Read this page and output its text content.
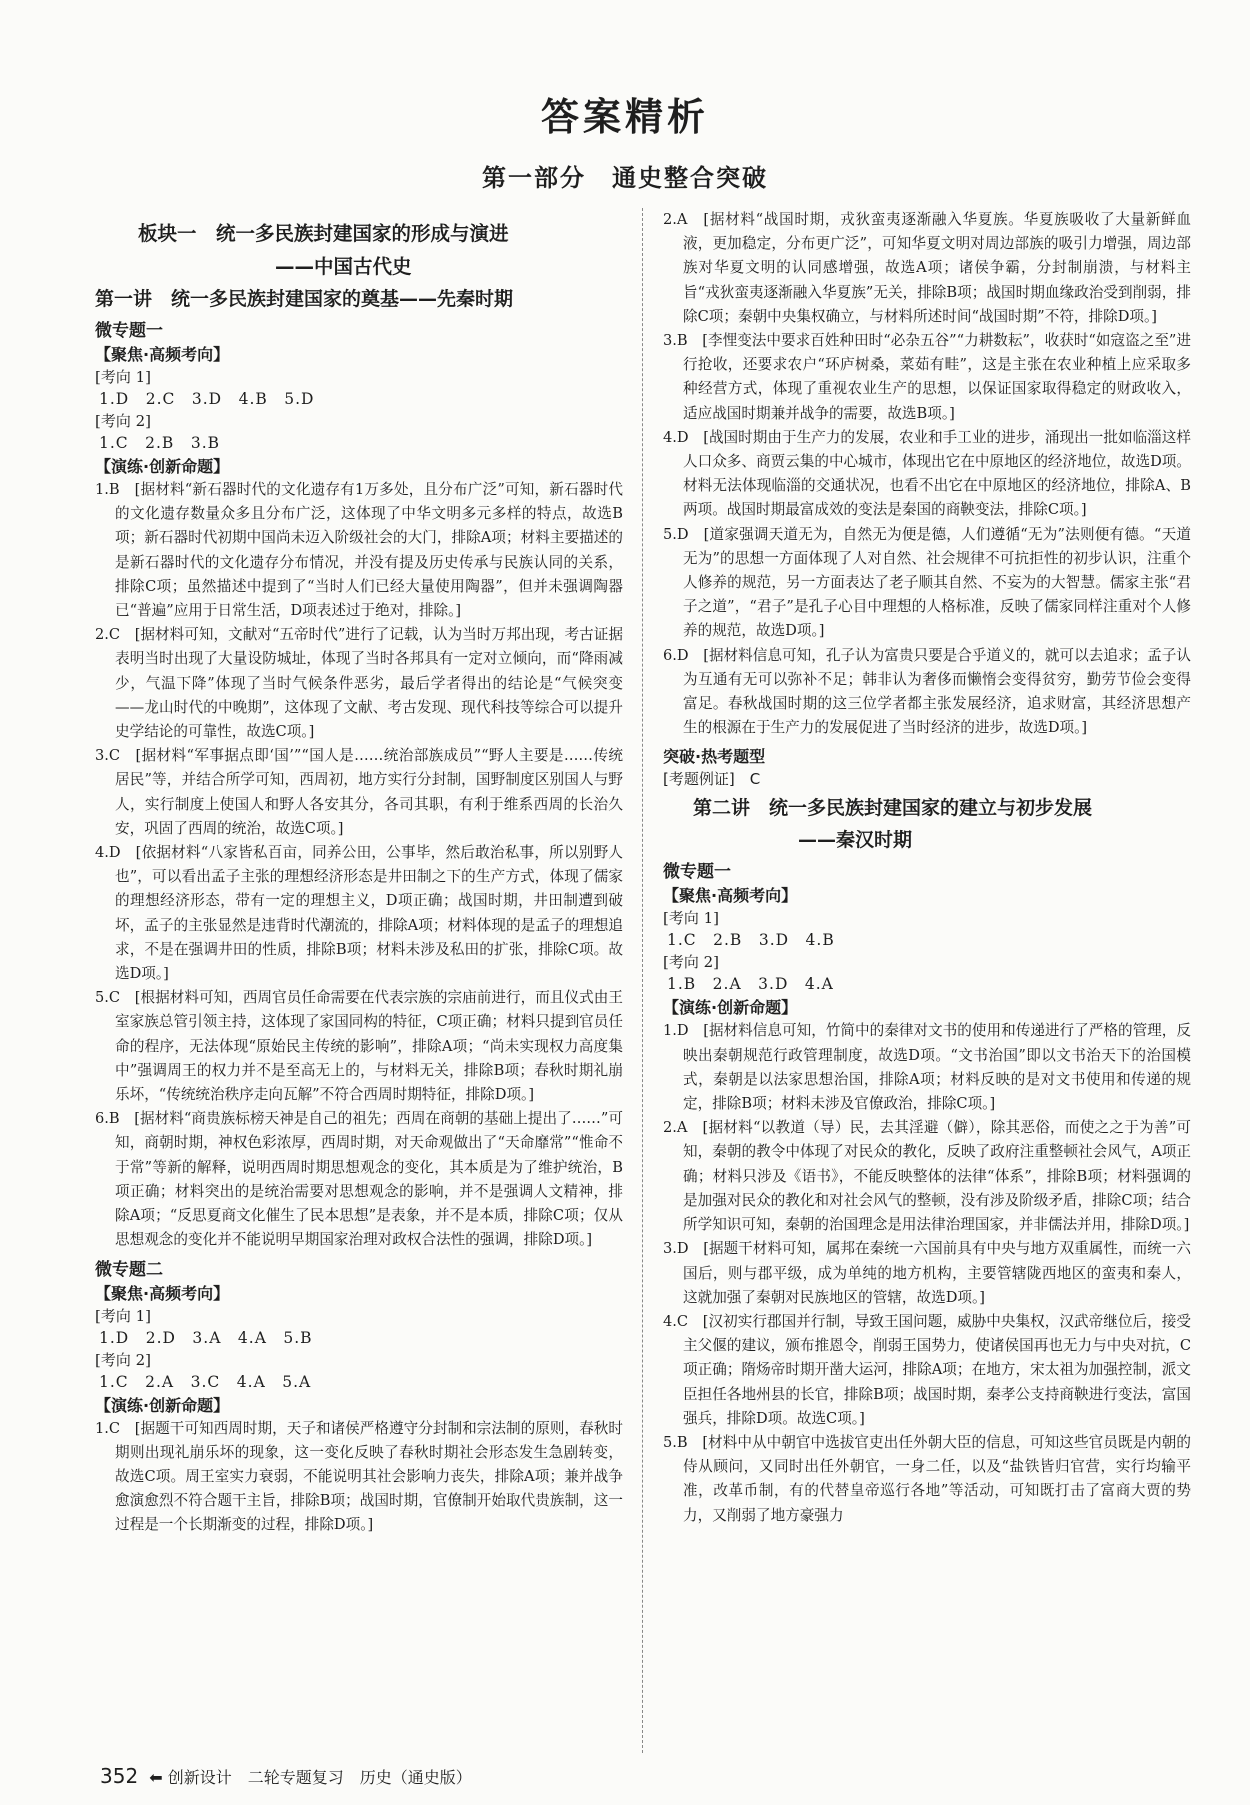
答案精析
第一部分　通史整合突破
板块一　统一多民族封建国家的形成与演进
——中国古代史
第一讲　统一多民族封建国家的奠基——先秦时期
微专题一
【聚焦·高频考向】
[考向 1]
1.D　2.C　3.D　4.B　5.D
[考向 2]
1.C　2.B　3.B
【演练·创新命题】

1.B　[据材料“新石器时代的文化遗存有1万多处，且分布广泛”可知，新石器时代的文化遗存数量众多且分布广泛，这体现了中华文明多元多样的特点，故选B项；新石器时代初期中国尚未迈入阶级社会的大门，排除A项；材料主要描述的是新石器时代的文化遗存分布情况，并没有提及历史传承与民族认同的关系，排除C项；虽然描述中提到了“当时人们已经大量使用陶器”，但并未强调陶器已“普遍”应用于日常生活，D项表述过于绝对，排除。]

2.C　[据材料可知，文献对“五帝时代”进行了记载，认为当时万邦出现，考古证据表明当时出现了大量设防城址，体现了当时各邦具有一定对立倾向，而“降雨减少，气温下降”体现了当时气候条件恶劣，最后学者得出的结论是“气候突变——龙山时代的中晚期”，这体现了文献、考古发现、现代科技等综合可以提升史学结论的可靠性，故选C项。]

3.C　[据材料“军事据点即‘国’”“国人是……统治部族成员”“野人主要是……传统居民”等，并结合所学可知，西周初，地方实行分封制，国野制度区别国人与野人，实行制度上使国人和野人各安其分，各司其职，有利于维系西周的长治久安，巩固了西周的统治，故选C项。]

4.D　[依据材料“八家皆私百亩，同养公田，公事毕，然后敢治私事，所以别野人也”，可以看出孟子主张的理想经济形态是井田制之下的生产方式，体现了儒家的理想经济形态，带有一定的理想主义，D项正确；战国时期，井田制遭到破坏，孟子的主张显然是违背时代潮流的，排除A项；材料体现的是孟子的理想追求，不是在强调井田的性质，排除B项；材料未涉及私田的扩张，排除C项。故选D项。]

5.C　[根据材料可知，西周官员任命需要在代表宗族的宗庙前进行，而且仪式由王室家族总管引领主持，这体现了家国同构的特征，C项正确；材料只提到官员任命的程序，无法体现“原始民主传统的影响”，排除A项；“尚未实现权力高度集中”强调周王的权力并不是至高无上的，与材料无关，排除B项；春秋时期礼崩乐坏，“传统统治秩序走向瓦解”不符合西周时期特征，排除D项。]

6.B　[据材料“商贵族标榜天神是自己的祖先；西周在商朝的基础上提出了……”可知，商朝时期，神权色彩浓厚，西周时期，对天命观做出了“天命靡常”“惟命不于常”等新的解释，说明西周时期思想观念的变化，其本质是为了维护统治，B项正确；材料突出的是统治需要对思想观念的影响，并不是强调人文精神，排除A项；“反思夏商文化催生了民本思想”是表象，并不是本质，排除C项；仅从思想观念的变化并不能说明早期国家治理对政权合法性的强调，排除D项。]

微专题二
【聚焦·高频考向】
[考向 1]
1.D　2.D　3.A　4.A　5.B
[考向 2]
1.C　2.A　3.C　4.A　5.A
【演练·创新命题】

1.C　[据题干可知西周时期，天子和诸侯严格遵守分封制和宗法制的原则，春秋时期则出现礼崩乐坏的现象，这一变化反映了春秋时期社会形态发生急剧转变，故选C项。周王室实力衰弱，不能说明其社会影响力丧失，排除A项；兼并战争愈演愈烈不符合题干主旨，排除B项；战国时期，官僚制开始取代贵族制，这一过程是一个长期渐变的过程，排除D项。]

2.A　[据材料“战国时期，戎狄蛮夷逐渐融入华夏族。华夏族吸收了大量新鲜血液，更加稳定，分布更广泛”，可知华夏文明对周边部族的吸引力增强，周边部族对华夏文明的认同感增强，故选A项；诸侯争霸，分封制崩溃，与材料主旨“戎狄蛮夷逐渐融入华夏族”无关，排除B项；战国时期血缘政治受到削弱，排除C项；秦朝中央集权确立，与材料所述时间“战国时期”不符，排除D项。]

3.B　[李悝变法中要求百姓种田时“必杂五谷”“力耕数耘”，收获时“如寇盗之至”进行抢收，还要求农户“环庐树桑，菜茹有畦”，这是主张在农业种植上应采取多种经营方式，体现了重视农业生产的思想，以保证国家取得稳定的财政收入，适应战国时期兼并战争的需要，故选B项。]

4.D　[战国时期由于生产力的发展，农业和手工业的进步，涌现出一批如临淄这样人口众多、商贾云集的中心城市，体现出它在中原地区的经济地位，故选D项。材料无法体现临淄的交通状况，也看不出它在中原地区的经济地位，排除A、B两项。战国时期最富成效的变法是秦国的商鞅变法，排除C项。]

5.D　[道家强调天道无为，自然无为便是德，人们遵循“无为”法则便有德。“天道无为”的思想一方面体现了人对自然、社会规律不可抗拒性的初步认识，注重个人修养的规范，另一方面表达了老子顺其自然、不妄为的大智慧。儒家主张“君子之道”，“君子”是孔子心目中理想的人格标准，反映了儒家同样注重对个人修养的规范，故选D项。]

6.D　[据材料信息可知，孔子认为富贵只要是合乎道义的，就可以去追求；孟子认为互通有无可以弥补不足；韩非认为奢侈而懒惰会变得贫穷，勤劳节俭会变得富足。春秋战国时期的这三位学者都主张发展经济，追求财富，其经济思想产生的根源在于生产力的发展促进了当时经济的进步，故选D项。]

突破·热考题型
[考题例证]　C
第二讲　统一多民族封建国家的建立与初步发展
——秦汉时期
微专题一
【聚焦·高频考向】
[考向 1]
1.C　2.B　3.D　4.B
[考向 2]
1.B　2.A　3.D　4.A
【演练·创新命题】

1.D　[据材料信息可知，竹简中的秦律对文书的使用和传递进行了严格的管理，反映出秦朝规范行政管理制度，故选D项。“文书治国”即以文书治天下的治国模式，秦朝是以法家思想治国，排除A项；材料反映的是对文书使用和传递的规定，排除B项；材料未涉及官僚政治，排除C项。]

2.A　[据材料“以教道（导）民，去其淫避（僻），除其恶俗，而使之之于为善”可知，秦朝的教令中体现了对民众的教化，反映了政府注重整顿社会风气，A项正确；材料只涉及《语书》，不能反映整体的法律“体系”，排除B项；材料强调的是加强对民众的教化和对社会风气的整顿，没有涉及阶级矛盾，排除C项；结合所学知识可知，秦朝的治国理念是用法律治理国家，并非儒法并用，排除D项。]

3.D　[据题干材料可知，属邦在秦统一六国前具有中央与地方双重属性，而统一六国后，则与郡平级，成为单纯的地方机构，主要管辖陇西地区的蛮夷和秦人，这就加强了秦朝对民族地区的管辖，故选D项。]

4.C　[汉初实行郡国并行制，导致王国问题，威胁中央集权，汉武帝继位后，接受主父偃的建议，颁布推恩令，削弱王国势力，使诸侯国再也无力与中央对抗，C项正确；隋炀帝时期开凿大运河，排除A项；在地方，宋太祖为加强控制，派文臣担任各地州县的长官，排除B项；战国时期，秦孝公支持商鞅进行变法，富国强兵，排除D项。故选C项。]

5.B　[材料中从中朝官中选拔官吏出任外朝大臣的信息，可知这些官员既是内朝的侍从顾问，又同时出任外朝官，一身二任，以及“盐铁皆归官营，实行均输平准，改革币制，有的代替皇帝巡行各地”等活动，可知既打击了富商大贾的势力，又削弱了地方豪强力

352 ⬅ 创新设计　二轮专题复习　历史（通史版）
